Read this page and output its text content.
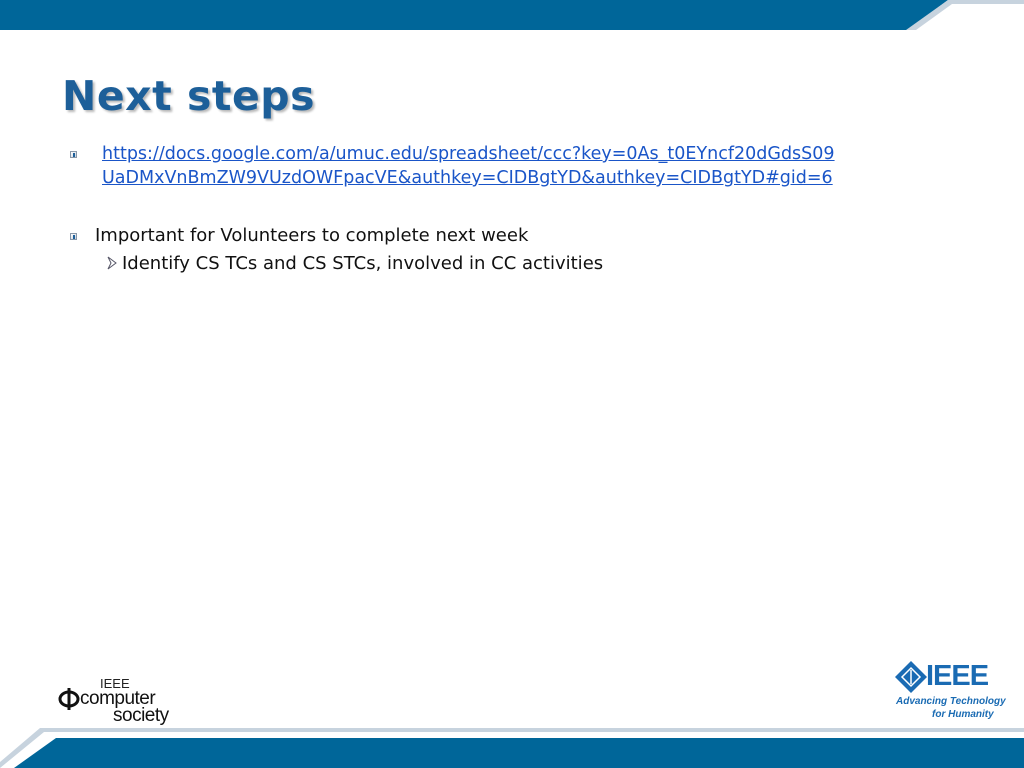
Next steps
https://docs.google.com/a/umuc.edu/spreadsheet/ccc?key=0As_t0EYncf20dGdsS09
UaDMxVnBmZW9VUzdOWFpacVE&authkey=CIDBgtYD&authkey=CIDBgtYD#gid=6
Important for Volunteers to complete next week
Identify CS TCs and CS STCs, involved in CC activities
IEEE
computer
society
IEEE
Advancing Technology
for Humanity
